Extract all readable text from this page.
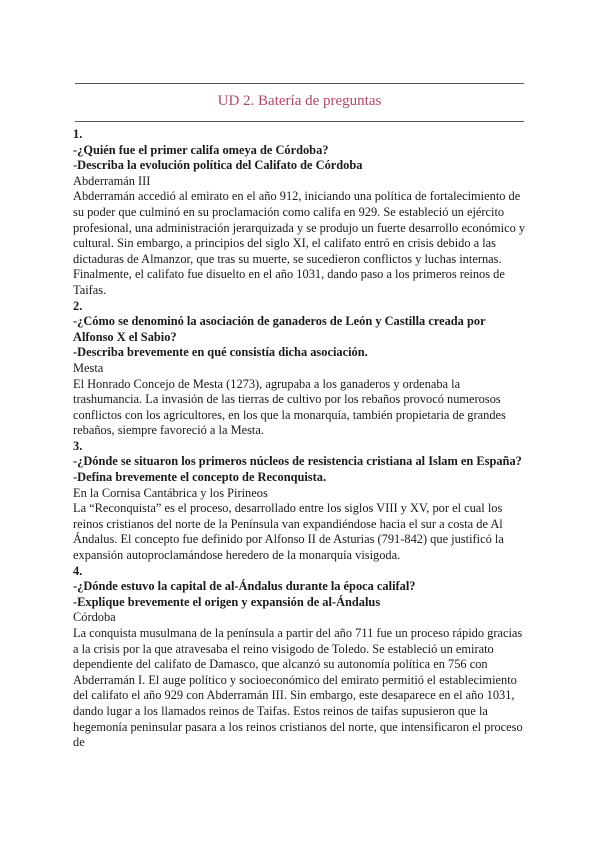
UD 2. Batería de preguntas

1.

-¿Quién fue el primer califa omeya de Córdoba?

-Describa la evolución política del Califato de Córdoba

Abderramán III

Abderramán accedió al emirato en el año 912, iniciando una política de fortalecimiento de su poder que culminó en su proclamación como califa en 929. Se estableció un ejército profesional, una administración jerarquizada y se produjo un fuerte desarrollo económico y cultural. Sin embargo, a principios del siglo XI, el califato entró en crisis debido a las dictaduras de Almanzor, que tras su muerte, se sucedieron conflictos y luchas internas. Finalmente, el califato fue disuelto en el año 1031, dando paso a los primeros reinos de Taifas.

2.

-¿Cómo se denominó la asociación de ganaderos de León y Castilla creada por Alfonso X el Sabio?

-Describa brevemente en qué consistía dicha asociación.

Mesta

El Honrado Concejo de Mesta (1273), agrupaba a los ganaderos y ordenaba la trashumancia. La invasión de las tierras de cultivo por los rebaños provocó numerosos conflictos con los agricultores, en los que la monarquía, también propietaria de grandes rebaños, siempre favoreció a la Mesta.

3.

-¿Dónde se situaron los primeros núcleos de resistencia cristiana al Islam en España?

-Defina brevemente el concepto de Reconquista.

En la Cornisa Cantábrica y los Pirineos

La “Reconquista” es el proceso, desarrollado entre los siglos VIII y XV, por el cual los reinos cristianos del norte de la Península van expandiéndose hacia el sur a costa de Al Ándalus. El concepto fue definido por Alfonso II de Asturias (791-842) que justificó la expansión autoproclamándose heredero de la monarquía visigoda.

4.

-¿Dónde estuvo la capital de al-Ándalus durante la época califal?

-Explique brevemente el origen y expansión de al-Ándalus

Córdoba

La conquista musulmana de la península a partir del año 711 fue un proceso rápido gracias a la crisis por la que atravesaba el reino visigodo de Toledo. Se estableció un emirato dependiente del califato de Damasco, que alcanzó su autonomía política en 756 con Abderramán I. El auge político y socioeconómico del emirato permitió el establecimiento del califato el año 929 con Abderramán III. Sin embargo, este desaparece en el año 1031, dando lugar a los llamados reinos de Taifas. Estos reinos de taifas supusieron que la hegemonía peninsular pasara a los reinos cristianos del norte, que intensificaron el proceso de
